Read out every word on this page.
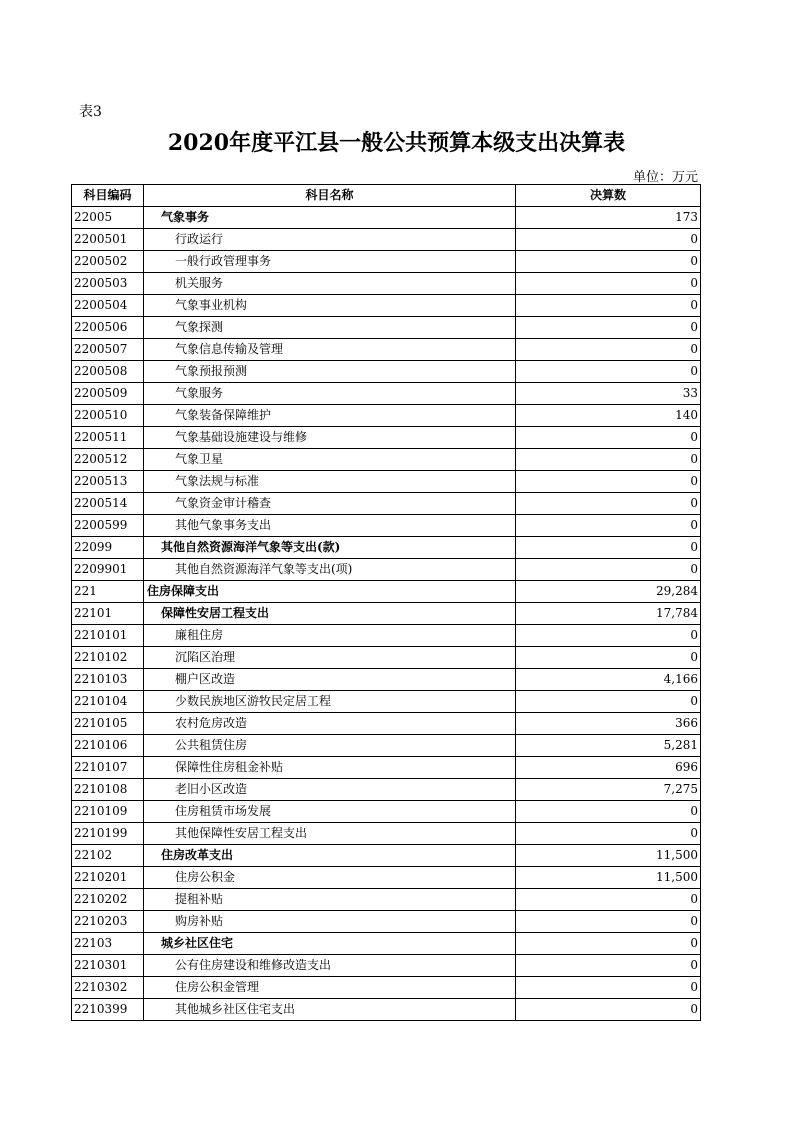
表3
2020年度平江县一般公共预算本级支出决算表
单位：万元
科目编码	科目名称	决算数
22005	气象事务	173
2200501	行政运行	0
2200502	一般行政管理事务	0
2200503	机关服务	0
2200504	气象事业机构	0
2200506	气象探测	0
2200507	气象信息传输及管理	0
2200508	气象预报预测	0
2200509	气象服务	33
2200510	气象装备保障维护	140
2200511	气象基础设施建设与维修	0
2200512	气象卫星	0
2200513	气象法规与标准	0
2200514	气象资金审计稽查	0
2200599	其他气象事务支出	0
22099	其他自然资源海洋气象等支出(款)	0
2209901	其他自然资源海洋气象等支出(项)	0
221	住房保障支出	29,284
22101	保障性安居工程支出	17,784
2210101	廉租住房	0
2210102	沉陷区治理	0
2210103	棚户区改造	4,166
2210104	少数民族地区游牧民定居工程	0
2210105	农村危房改造	366
2210106	公共租赁住房	5,281
2210107	保障性住房租金补贴	696
2210108	老旧小区改造	7,275
2210109	住房租赁市场发展	0
2210199	其他保障性安居工程支出	0
22102	住房改革支出	11,500
2210201	住房公积金	11,500
2210202	提租补贴	0
2210203	购房补贴	0
22103	城乡社区住宅	0
2210301	公有住房建设和维修改造支出	0
2210302	住房公积金管理	0
2210399	其他城乡社区住宅支出	0
